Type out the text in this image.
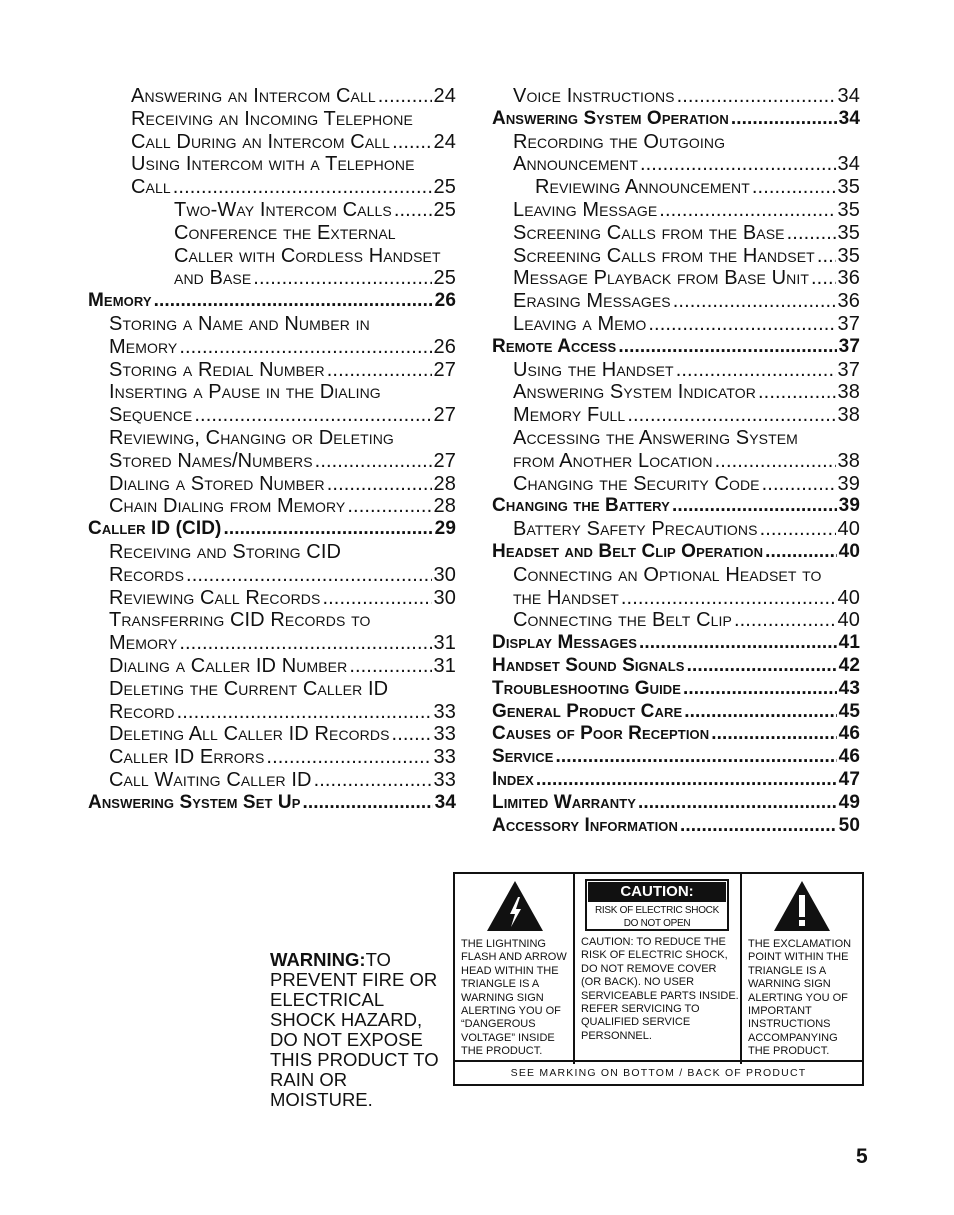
Answering an Intercom Call .....	24
Receiving an Incoming Telephone
Call During an Intercom Call ..... 24
Using Intercom with a Telephone
Call .....	25
Two-Way Intercom Calls ..... 25
Conference the External
Caller with Cordless Handset
and Base .....	25
Memory .....	26
Storing a Name and Number in
Memory .....	26
Storing a Redial Number .....	27
Inserting a Pause in the Dialing
Sequence .....	27
Reviewing, Changing or Deleting
Stored Names/Numbers .....	27
Dialing a Stored Number .....	28
Chain Dialing from Memory .....	28
Caller ID (CID) .....	29
Receiving and Storing CID
Records .....	30
Reviewing Call Records .....	30
Transferring CID Records to
Memory .....	31
Dialing a Caller ID Number .....	31
Deleting the Current Caller ID
Record .....	33
Deleting All Caller ID Records ..... 33
Caller ID Errors .....	33
Call Waiting Caller ID .....	33
Answering System Set Up .....	34
Voice Instructions .....	34
Answering System Operation .....	34
Recording the Outgoing
Announcement .....	34
Reviewing Announcement .....	35
Leaving Message .....	35
Screening Calls from the Base .....	35
Screening Calls from the Handset ..... 35
Message Playback from Base Unit ..... 36
Erasing Messages .....	36
Leaving a Memo .....	37
Remote Access .....	37
Using the Handset .....	37
Answering System Indicator .....	38
Memory Full .....	38
Accessing the Answering System
from Another Location .....	38
Changing the Security Code .....	39
Changing the Battery .....	39
Battery Safety Precautions .....	40
Headset and Belt Clip Operation .....	40
Connecting an Optional Headset to
the Handset .....	40
Connecting the Belt Clip .....	40
Display Messages .....	41
Handset Sound Signals .....	42
Troubleshooting Guide .....	43
General Product Care .....	45
Causes of Poor Reception .....	46
Service .....	46
Index .....	47
Limited Warranty .....	49
Accessory Information .....	50
WARNING:TO PREVENT FIRE OR ELECTRICAL SHOCK HAZARD, DO NOT EXPOSE THIS PRODUCT TO RAIN OR MOISTURE.
THE LIGHTNING FLASH AND ARROW HEAD WITHIN THE TRIANGLE IS A WARNING SIGN ALERTING YOU OF “DANGEROUS VOLTAGE” INSIDE THE PRODUCT.
CAUTION:
RISK OF ELECTRIC SHOCK DO NOT OPEN
CAUTION: TO REDUCE THE RISK OF ELECTRIC SHOCK, DO NOT REMOVE COVER (OR BACK). NO USER SERVICEABLE PARTS INSIDE. REFER SERVICING TO QUALIFIED SERVICE PERSONNEL.
THE EXCLAMATION POINT WITHIN THE TRIANGLE IS A WARNING SIGN ALERTING YOU OF IMPORTANT INSTRUCTIONS ACCOMPANYING THE PRODUCT.
SEE MARKING ON BOTTOM / BACK OF PRODUCT
5
